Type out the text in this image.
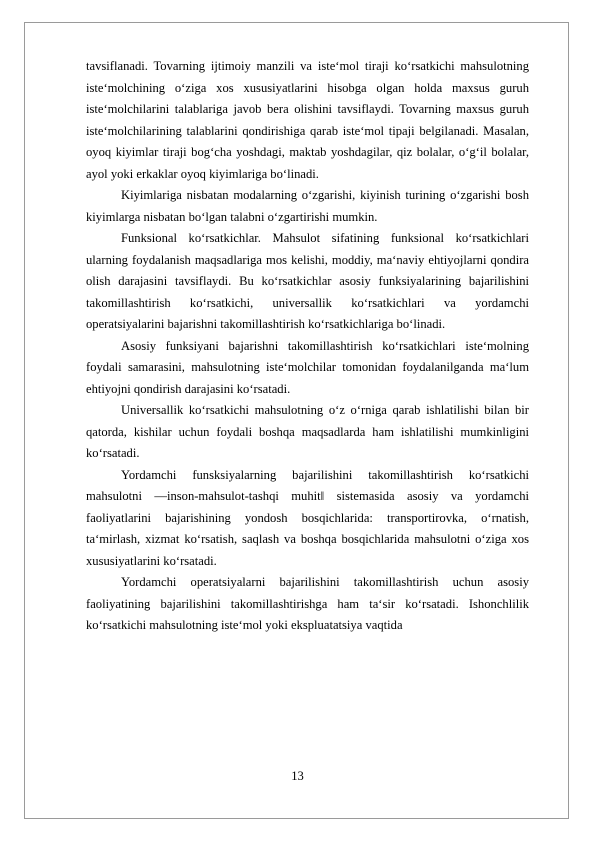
tavsiflanadi. Tovarning ijtimoiy manzili va iste‘mol tiraji ko‘rsatkichi mahsulotning iste‘molchining o‘ziga xos xususiyatlarini hisobga olgan holda maxsus guruh iste‘molchilarini talablariga javob bera olishini tavsiflaydi. Tovarning maxsus guruh iste‘molchilarining talablarini qondirishiga qarab iste‘mol tipaji belgilanadi. Masalan, oyoq kiyimlar tiraji bog‘cha yoshdagi, maktab yoshdagilar, qiz bolalar, o‘g‘il bolalar, ayol yoki erkaklar oyoq kiyimlariga bo‘linadi.

Kiyimlariga nisbatan modalarning o‘zgarishi, kiyinish turining o‘zgarishi bosh kiyimlarga nisbatan bo‘lgan talabni o‘zgartirishi mumkin.

Funksional ko‘rsatkichlar. Mahsulot sifatining funksional ko‘rsatkichlari ularning foydalanish maqsadlariga mos kelishi, moddiy, ma‘naviy ehtiyojlarni qondira olish darajasini tavsiflaydi. Bu ko‘rsatkichlar asosiy funksiyalarining bajarilishini takomillashtirish ko‘rsatkichi, universallik ko‘rsatkichlari va yordamchi operatsiyalarini bajarishni takomillashtirish ko‘rsatkichlariga bo‘linadi.

Asosiy funksiyani bajarishni takomillashtirish ko‘rsatkichlari iste‘molning foydali samarasini, mahsulotning iste‘molchilar tomonidan foydalanilganda ma‘lum ehtiyojni qondirish darajasini ko‘rsatadi.

Universallik ko‘rsatkichi mahsulotning o‘z o‘rniga qarab ishlatilishi bilan bir qatorda, kishilar uchun foydali boshqa maqsadlarda ham ishlatilishi mumkinligini ko‘rsatadi.

Yordamchi funsksiyalarning bajarilishini takomillashtirish ko‘rsatkichi mahsulotni —inson-mahsulot-tashqi muhit‖ sistemasida asosiy va yordamchi faoliyatlarini bajarishining yondosh bosqichlarida: transportirovka, o‘rnatish, ta‘mirlash, xizmat ko‘rsatish, saqlash va boshqa bosqichlarida mahsulotni o‘ziga xos xususiyatlarini ko‘rsatadi.

Yordamchi operatsiyalarni bajarilishini takomillashtirish uchun asosiy faoliyatining bajarilishini takomillashtirishga ham ta‘sir ko‘rsatadi. Ishonchlilik ko‘rsatkichi mahsulotning iste‘mol yoki ekspluatatsiya vaqtida

13
